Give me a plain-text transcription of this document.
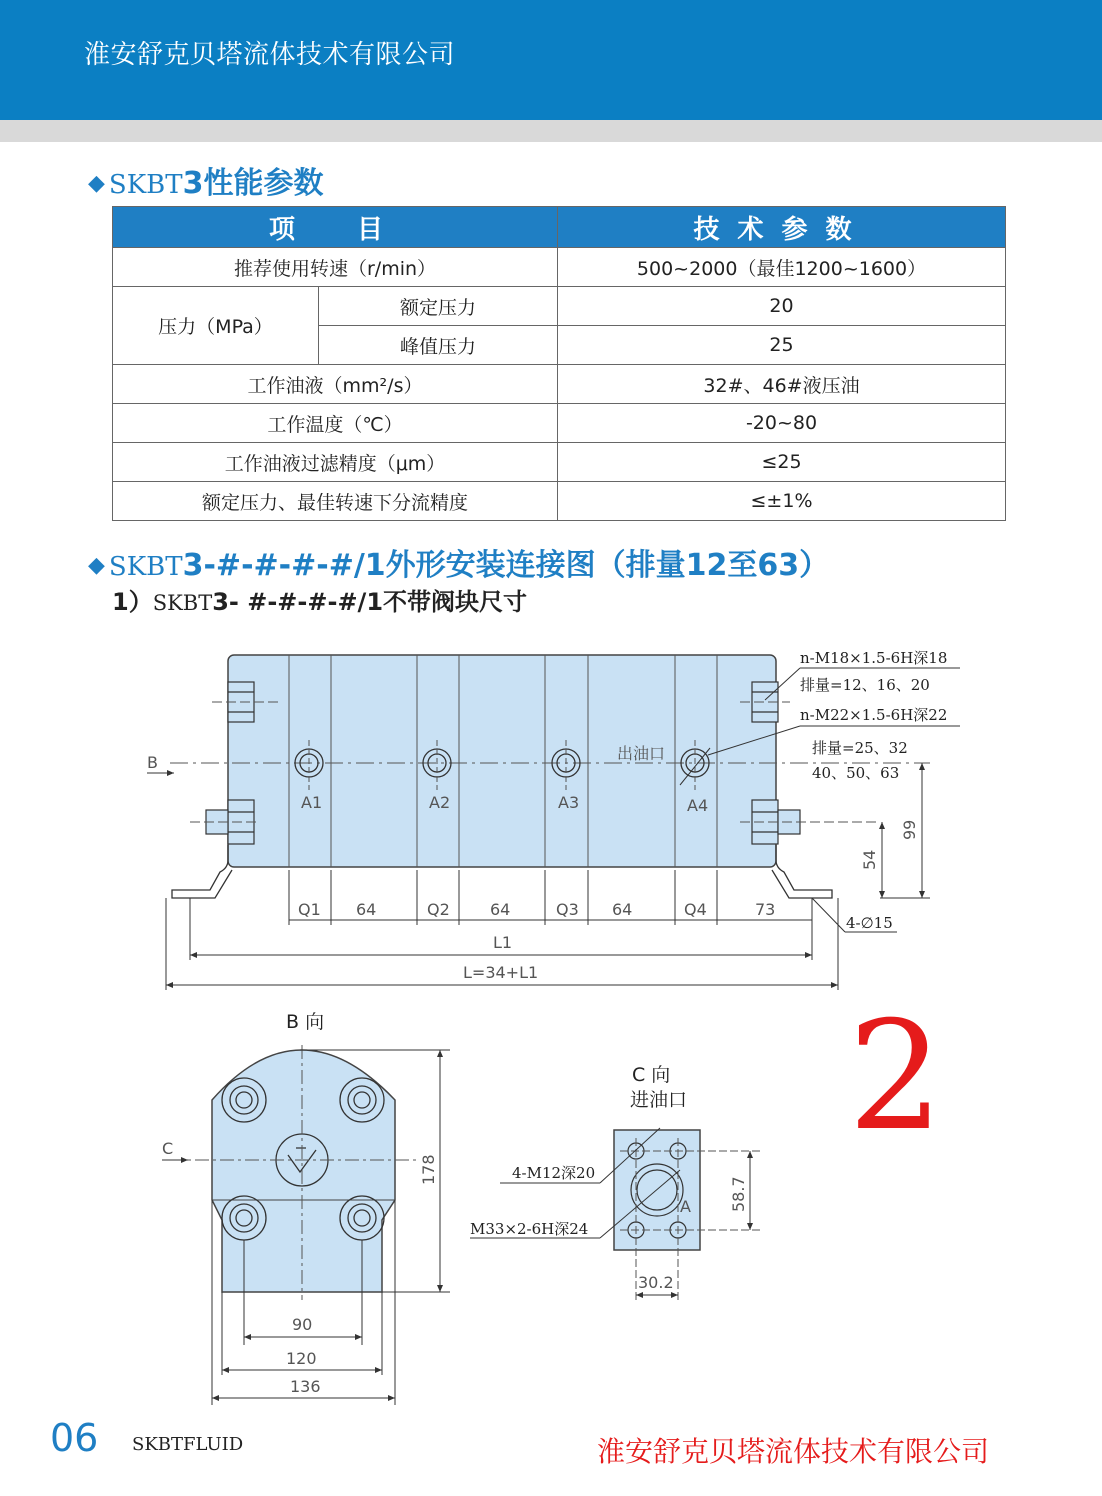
淮安舒克贝塔流体技术有限公司
◆ SKBT3性能参数
项　目		技术参数
推荐使用转速（r/min）		500~2000（最佳1200~1600）
压力（MPa）	额定压力	20
	峰值压力	25
工作油液（mm²/s）		32#、46#液压油
工作温度（℃）		-20~80
工作油液过滤精度（μm）		≤25
额定压力、最佳转速下分流精度		≤±1%
◆ SKBT3-#-#-#-#/1外形安装连接图（排量12至63）
1）SKBT3- #-#-#-#/1不带阀块尺寸
A1	A2	A3	A4
出油口
B
Q1 64	Q2	64	Q3 64	Q4	73
L1
L=34+L1
99
54
n-M18×1.5-6H深18
排量=12、16、20
n-M22×1.5-6H深22
排量=25、32
40、50、63
4-∅15
B 向
C
178
90
120
136
C 向
进油口
A 58.7
30.2
4-M12深20
M33×2-6H深24
2
06 SKBTFLUID	淮安舒克贝塔流体技术有限公司
